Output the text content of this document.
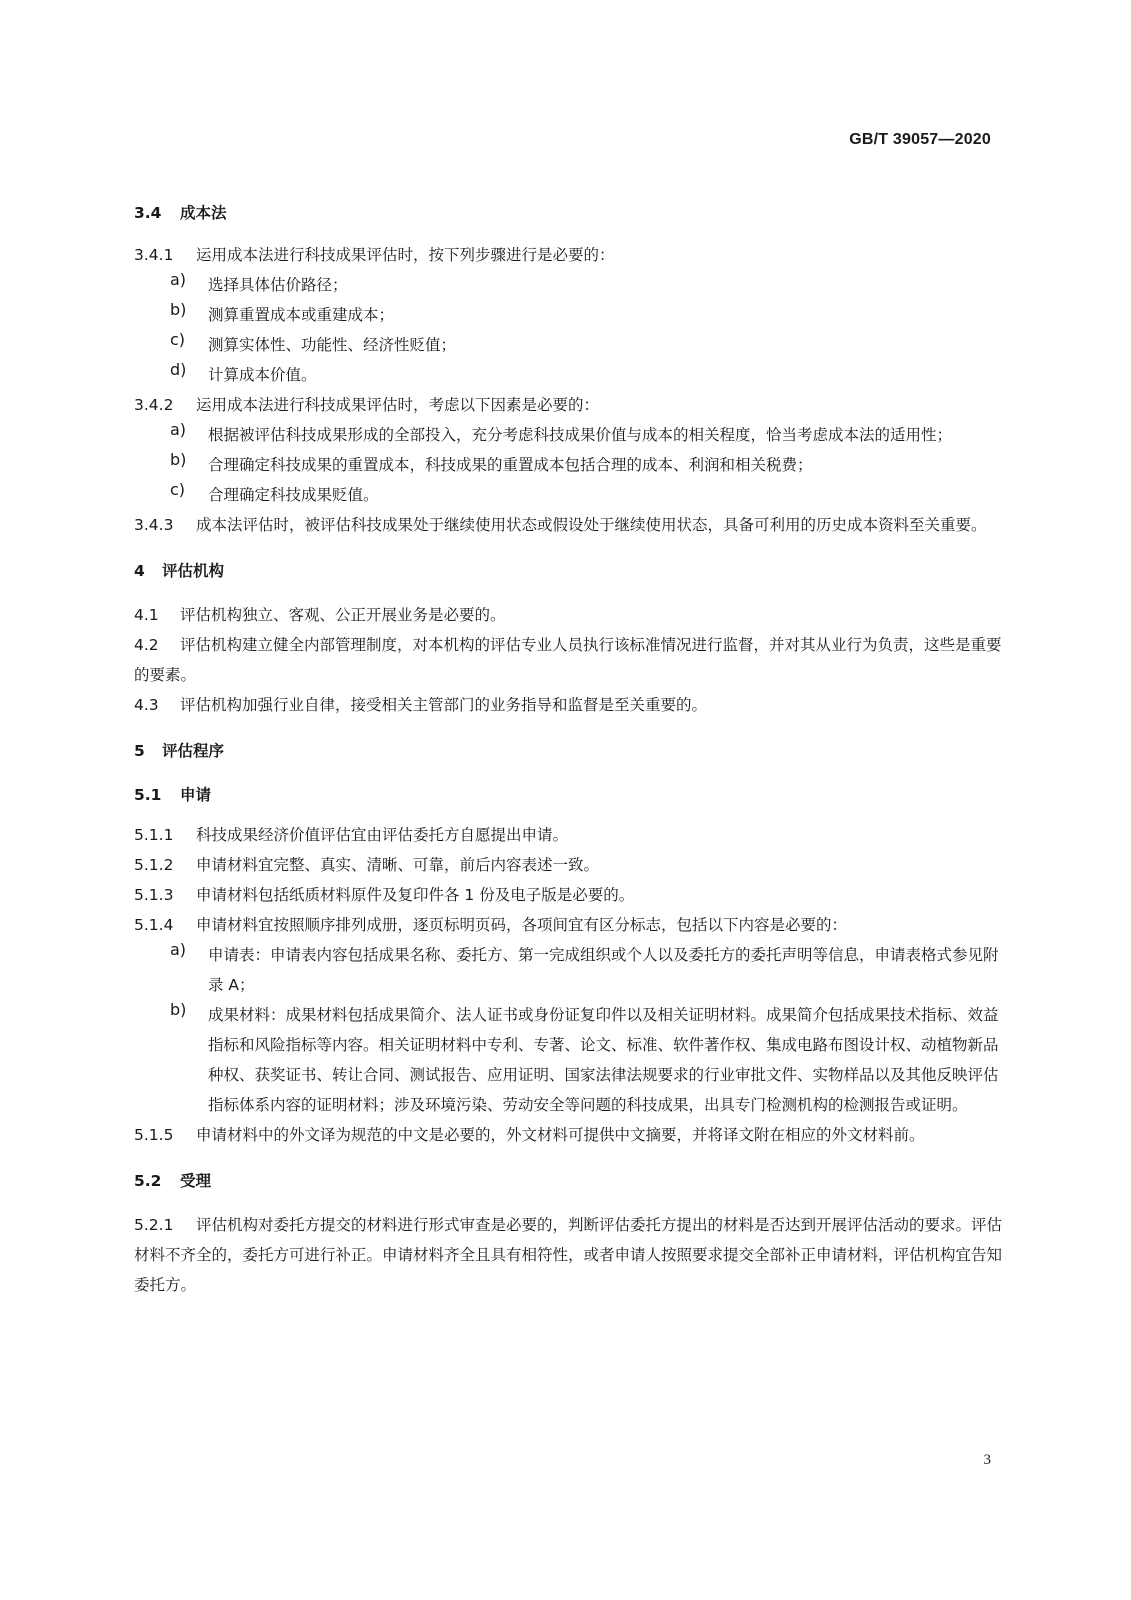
GB/T 39057—2020

3.4 成本法

3.4.1 运用成本法进行科技成果评估时，按下列步骤进行是必要的：

a)	选择具体估价路径；
b)	测算重置成本或重建成本；
c)	测算实体性、功能性、经济性贬值；
d)	计算成本价值。

3.4.2 运用成本法进行科技成果评估时，考虑以下因素是必要的：

a)	根据被评估科技成果形成的全部投入，充分考虑科技成果价值与成本的相关程度，恰当考虑成本法的适用性；
b)	合理确定科技成果的重置成本，科技成果的重置成本包括合理的成本、利润和相关税费；
c)	合理确定科技成果贬值。

3.4.3 成本法评估时，被评估科技成果处于继续使用状态或假设处于继续使用状态，具备可利用的历史成本资料至关重要。

4 评估机构

4.1 评估机构独立、客观、公正开展业务是必要的。

4.2 评估机构建立健全内部管理制度，对本机构的评估专业人员执行该标准情况进行监督，并对其从业行为负责，这些是重要的要素。

4.3 评估机构加强行业自律，接受相关主管部门的业务指导和监督是至关重要的。

5 评估程序

5.1 申请

5.1.1 科技成果经济价值评估宜由评估委托方自愿提出申请。

5.1.2 申请材料宜完整、真实、清晰、可靠，前后内容表述一致。

5.1.3 申请材料包括纸质材料原件及复印件各 1 份及电子版是必要的。

5.1.4 申请材料宜按照顺序排列成册，逐页标明页码，各项间宜有区分标志，包括以下内容是必要的：

a)	申请表：申请表内容包括成果名称、委托方、第一完成组织或个人以及委托方的委托声明等信息，申请表格式参见附录 A；
b)	成果材料：成果材料包括成果简介、法人证书或身份证复印件以及相关证明材料。成果简介包括成果技术指标、效益指标和风险指标等内容。相关证明材料中专利、专著、论文、标准、软件著作权、集成电路布图设计权、动植物新品种权、获奖证书、转让合同、测试报告、应用证明、国家法律法规要求的行业审批文件、实物样品以及其他反映评估指标体系内容的证明材料；涉及环境污染、劳动安全等问题的科技成果，出具专门检测机构的检测报告或证明。

5.1.5 申请材料中的外文译为规范的中文是必要的，外文材料可提供中文摘要，并将译文附在相应的外文材料前。

5.2 受理

5.2.1 评估机构对委托方提交的材料进行形式审查是必要的，判断评估委托方提出的材料是否达到开展评估活动的要求。评估材料不齐全的，委托方可进行补正。申请材料齐全且具有相符性，或者申请人按照要求提交全部补正申请材料，评估机构宜告知委托方。

3
